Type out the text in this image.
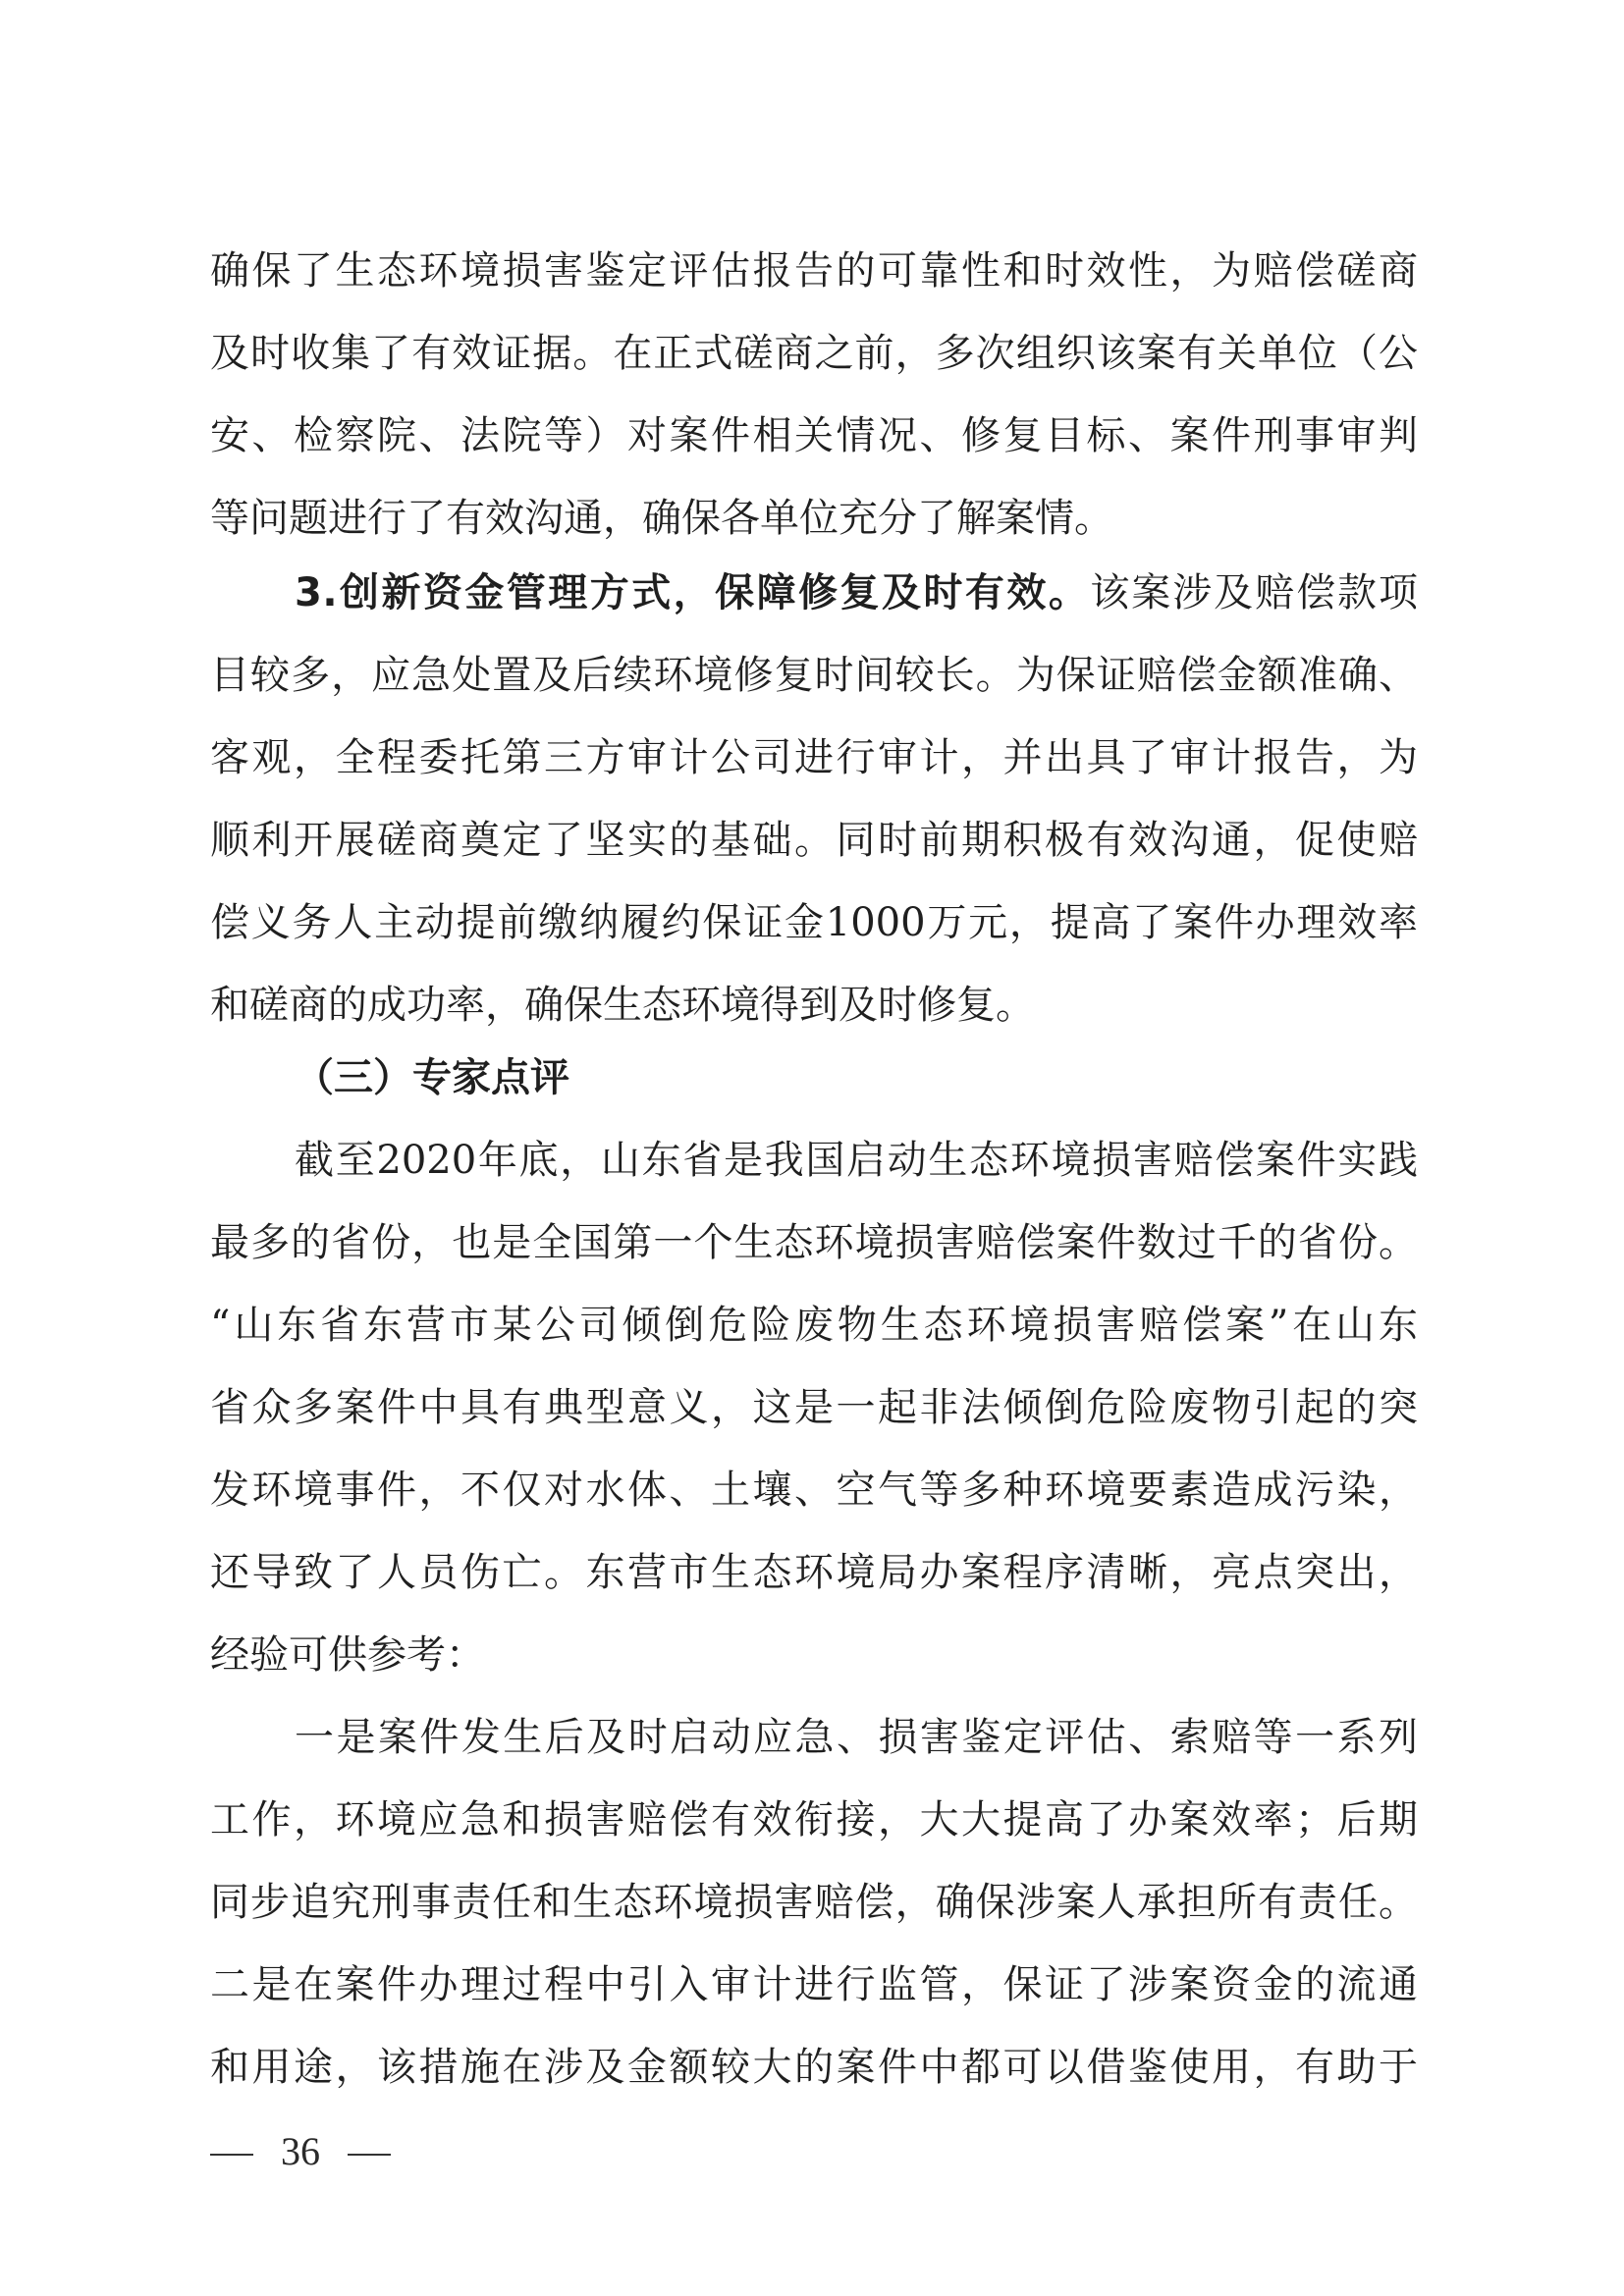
确保了生态环境损害鉴定评估报告的可靠性和时效性，为赔偿磋商
及时收集了有效证据。在正式磋商之前，多次组织该案有关单位（公
安、检察院、法院等）对案件相关情况、修复目标、案件刑事审判
等问题进行了有效沟通，确保各单位充分了解案情。
3.创新资金管理方式，保障修复及时有效。该案涉及赔偿款项
目较多，应急处置及后续环境修复时间较长。为保证赔偿金额准确、
客观，全程委托第三方审计公司进行审计，并出具了审计报告，为
顺利开展磋商奠定了坚实的基础。同时前期积极有效沟通，促使赔
偿义务人主动提前缴纳履约保证金1000万元，提高了案件办理效率
和磋商的成功率，确保生态环境得到及时修复。
（三）专家点评
截至2020年底，山东省是我国启动生态环境损害赔偿案件实践
最多的省份，也是全国第一个生态环境损害赔偿案件数过千的省份。
“山东省东营市某公司倾倒危险废物生态环境损害赔偿案”在山东
省众多案件中具有典型意义，这是一起非法倾倒危险废物引起的突
发环境事件，不仅对水体、土壤、空气等多种环境要素造成污染，
还导致了人员伤亡。东营市生态环境局办案程序清晰，亮点突出，
经验可供参考：
一是案件发生后及时启动应急、损害鉴定评估、索赔等一系列
工作，环境应急和损害赔偿有效衔接，大大提高了办案效率；后期
同步追究刑事责任和生态环境损害赔偿，确保涉案人承担所有责任。
二是在案件办理过程中引入审计进行监管，保证了涉案资金的流通
和用途，该措施在涉及金额较大的案件中都可以借鉴使用，有助于
36
